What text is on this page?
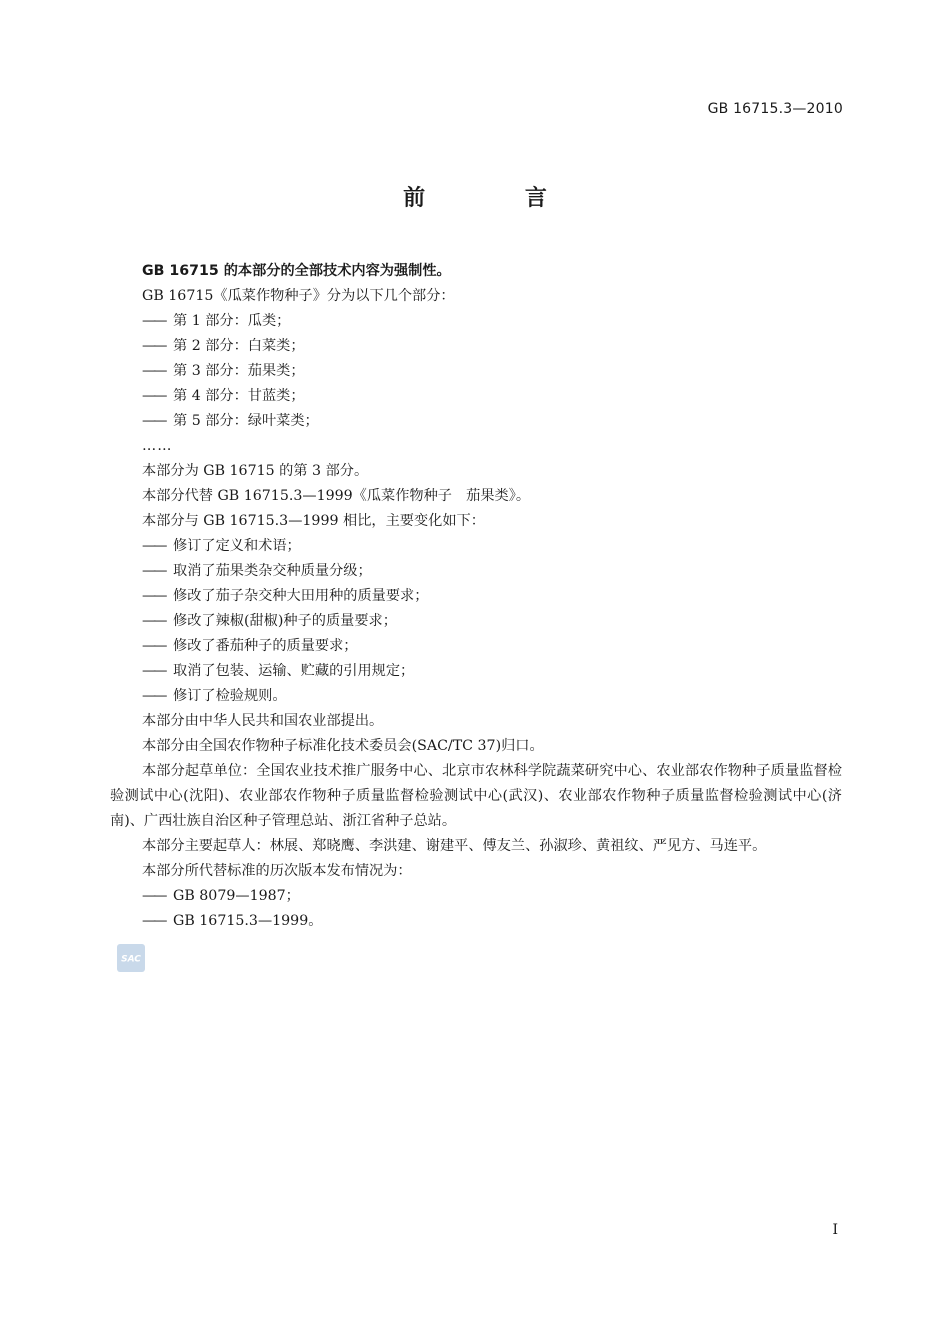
GB 16715.3—2010
前 言

GB 16715 的本部分的全部技术内容为强制性。

GB 16715《瓜菜作物种子》分为以下几个部分：

—— 第 1 部分：瓜类；

—— 第 2 部分：白菜类；

—— 第 3 部分：茄果类；

—— 第 4 部分：甘蓝类；

—— 第 5 部分：绿叶菜类；

……

本部分为 GB 16715 的第 3 部分。

本部分代替 GB 16715.3—1999《瓜菜作物种子　茄果类》。

本部分与 GB 16715.3—1999 相比，主要变化如下：

—— 修订了定义和术语；

—— 取消了茄果类杂交种质量分级；

—— 修改了茄子杂交种大田用种的质量要求；

—— 修改了辣椒(甜椒)种子的质量要求；

—— 修改了番茄种子的质量要求；

—— 取消了包装、运输、贮藏的引用规定；

—— 修订了检验规则。

本部分由中华人民共和国农业部提出。

本部分由全国农作物种子标准化技术委员会(SAC/TC 37)归口。

本部分起草单位：全国农业技术推广服务中心、北京市农林科学院蔬菜研究中心、农业部农作物种子质量监督检验测试中心(沈阳)、农业部农作物种子质量监督检验测试中心(武汉)、农业部农作物种子质量监督检验测试中心(济南)、广西壮族自治区种子管理总站、浙江省种子总站。

本部分主要起草人：林展、郑晓鹰、李洪建、谢建平、傅友兰、孙淑珍、黄祖纹、严见方、马连平。

本部分所代替标准的历次版本发布情况为：

—— GB 8079—1987；

—— GB 16715.3—1999。

SAC
I
